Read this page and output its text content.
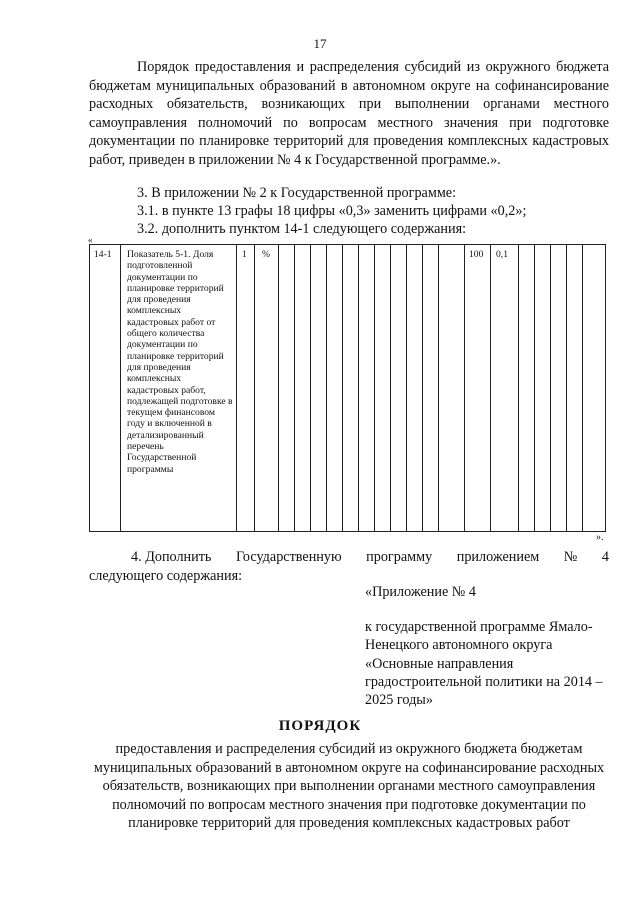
17

Порядок предоставления и распределения субсидий из окружного бюджета бюджетам муниципальных образований в автономном округе на софинансирование расходных обязательств, возникающих при выполнении органами местного самоуправления полномочий по вопросам местного значения при подготовке документации по планировке территорий для проведения комплексных кадастровых работ, приведен в приложении № 4 к Государственной программе.».

3. В приложении № 2 к Государственной программе:
3.1. в пункте 13 графы 18 цифры «0,3» заменить цифрами «0,2»;
3.2. дополнить пунктом 14-1 следующего содержания:
«
14-1 Показатель 5-1. Доля подготовленной документации по планировке территорий для проведения комплексных кадастровых работ от общего количества документации по планировке территорий для проведения комплексных кадастровых работ, подлежащей подготовке в текущем финансовом году и включенной в детализированный перечень Государственной программы

1 %	100 0,1
».
4. Дополнить Государственную программу приложением № 4
следующего содержания:
«Приложение № 4
к государственной программе Ямало-Ненецкого автономного округа «Основные направления градостроительной политики на 2014 – 2025 годы»
ПОРЯДОК

предоставления и распределения субсидий из окружного бюджета бюджетам муниципальных образований в автономном округе на софинансирование расходных обязательств, возникающих при выполнении органами местного самоуправления полномочий по вопросам местного значения при подготовке документации по планировке территорий для проведения комплексных кадастровых работ
